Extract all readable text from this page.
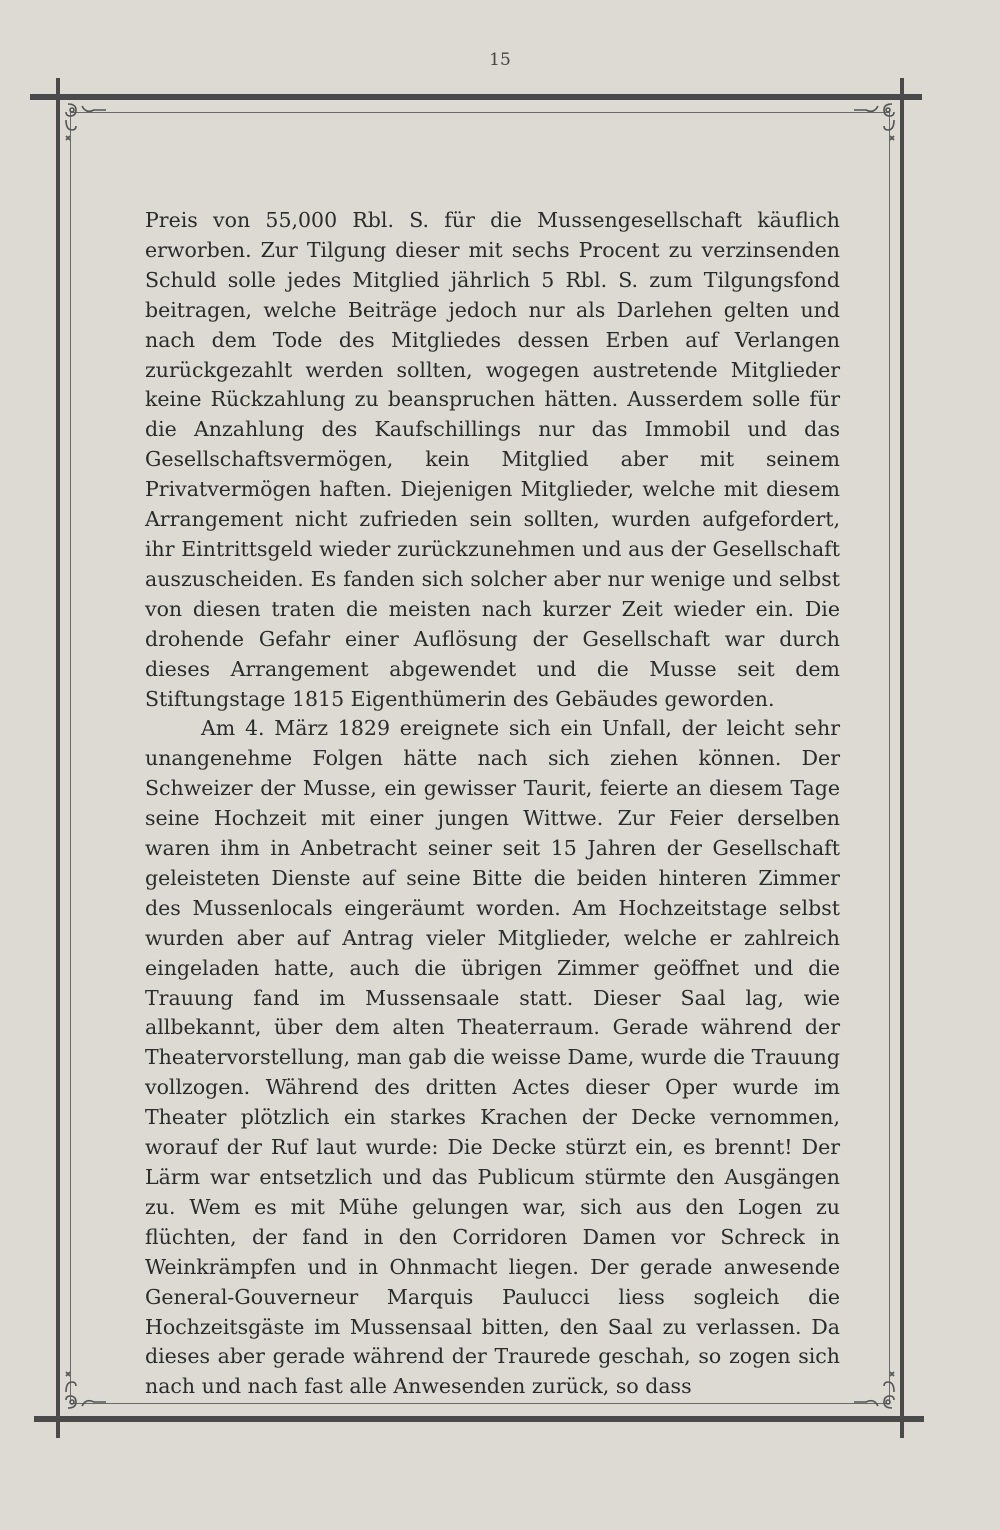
15

Preis von 55,000 Rbl. S. für die Mussengesellschaft käuflich erworben. Zur Tilgung dieser mit sechs Procent zu verzinsenden Schuld solle jedes Mitglied jährlich 5 Rbl. S. zum Tilgungsfond beitragen, welche Beiträge jedoch nur als Darlehen gelten und nach dem Tode des Mitgliedes dessen Erben auf Verlangen zurückgezahlt werden sollten, wogegen austretende Mitglieder keine Rückzahlung zu beanspruchen hätten. Ausserdem solle für die Anzahlung des Kaufschillings nur das Immobil und das Gesellschaftsvermögen, kein Mitglied aber mit seinem Privatvermögen haften. Diejenigen Mitglieder, welche mit diesem Arrangement nicht zufrieden sein sollten, wurden aufgefordert, ihr Eintrittsgeld wieder zurückzunehmen und aus der Gesellschaft auszuscheiden. Es fanden sich solcher aber nur wenige und selbst von diesen traten die meisten nach kurzer Zeit wieder ein. Die drohende Gefahr einer Auflösung der Gesellschaft war durch dieses Arrangement abgewendet und die Musse seit dem Stiftungstage 1815 Eigenthümerin des Gebäudes geworden.

Am 4. März 1829 ereignete sich ein Unfall, der leicht sehr unangenehme Folgen hätte nach sich ziehen können. Der Schweizer der Musse, ein gewisser Taurit, feierte an diesem Tage seine Hochzeit mit einer jungen Wittwe. Zur Feier derselben waren ihm in Anbetracht seiner seit 15 Jahren der Gesellschaft geleisteten Dienste auf seine Bitte die beiden hinteren Zimmer des Mussenlocals eingeräumt worden. Am Hochzeitstage selbst wurden aber auf Antrag vieler Mitglieder, welche er zahlreich eingeladen hatte, auch die übrigen Zimmer geöffnet und die Trauung fand im Mussensaale statt. Dieser Saal lag, wie allbekannt, über dem alten Theaterraum. Gerade während der Theatervorstellung, man gab die weisse Dame, wurde die Trauung vollzogen. Während des dritten Actes dieser Oper wurde im Theater plötzlich ein starkes Krachen der Decke vernommen, worauf der Ruf laut wurde: Die Decke stürzt ein, es brennt! Der Lärm war entsetzlich und das Publicum stürmte den Ausgängen zu. Wem es mit Mühe gelungen war, sich aus den Logen zu flüchten, der fand in den Corridoren Damen vor Schreck in Weinkrämpfen und in Ohnmacht liegen. Der gerade anwesende General-Gouverneur Marquis Paulucci liess sogleich die Hochzeitsgäste im Mussensaal bitten, den Saal zu verlassen. Da dieses aber gerade während der Traurede geschah, so zogen sich nach und nach fast alle Anwesenden zurück, so dass
